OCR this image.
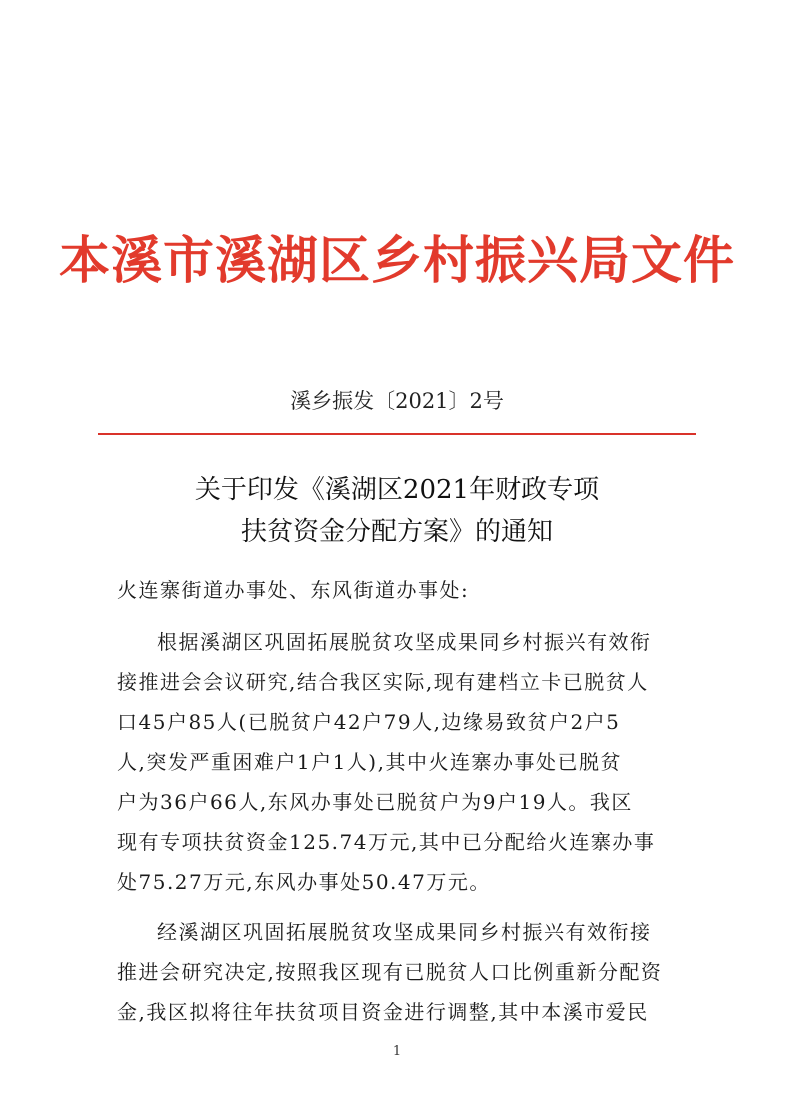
本溪市溪湖区乡村振兴局文件
溪乡振发〔2021〕2号
关于印发《溪湖区2021年财政专项
扶贫资金分配方案》的通知
火连寨街道办事处、东风街道办事处:
根据溪湖区巩固拓展脱贫攻坚成果同乡村振兴有效衔
接推进会会议研究,结合我区实际,现有建档立卡已脱贫人
口45户85人(已脱贫户42户79人,边缘易致贫户2户5
人,突发严重困难户1户1人),其中火连寨办事处已脱贫
户为36户66人,东风办事处已脱贫户为9户19人。我区
现有专项扶贫资金125.74万元,其中已分配给火连寨办事
处75.27万元,东风办事处50.47万元。
经溪湖区巩固拓展脱贫攻坚成果同乡村振兴有效衔接
推进会研究决定,按照我区现有已脱贫人口比例重新分配资
金,我区拟将往年扶贫项目资金进行调整,其中本溪市爱民
1
